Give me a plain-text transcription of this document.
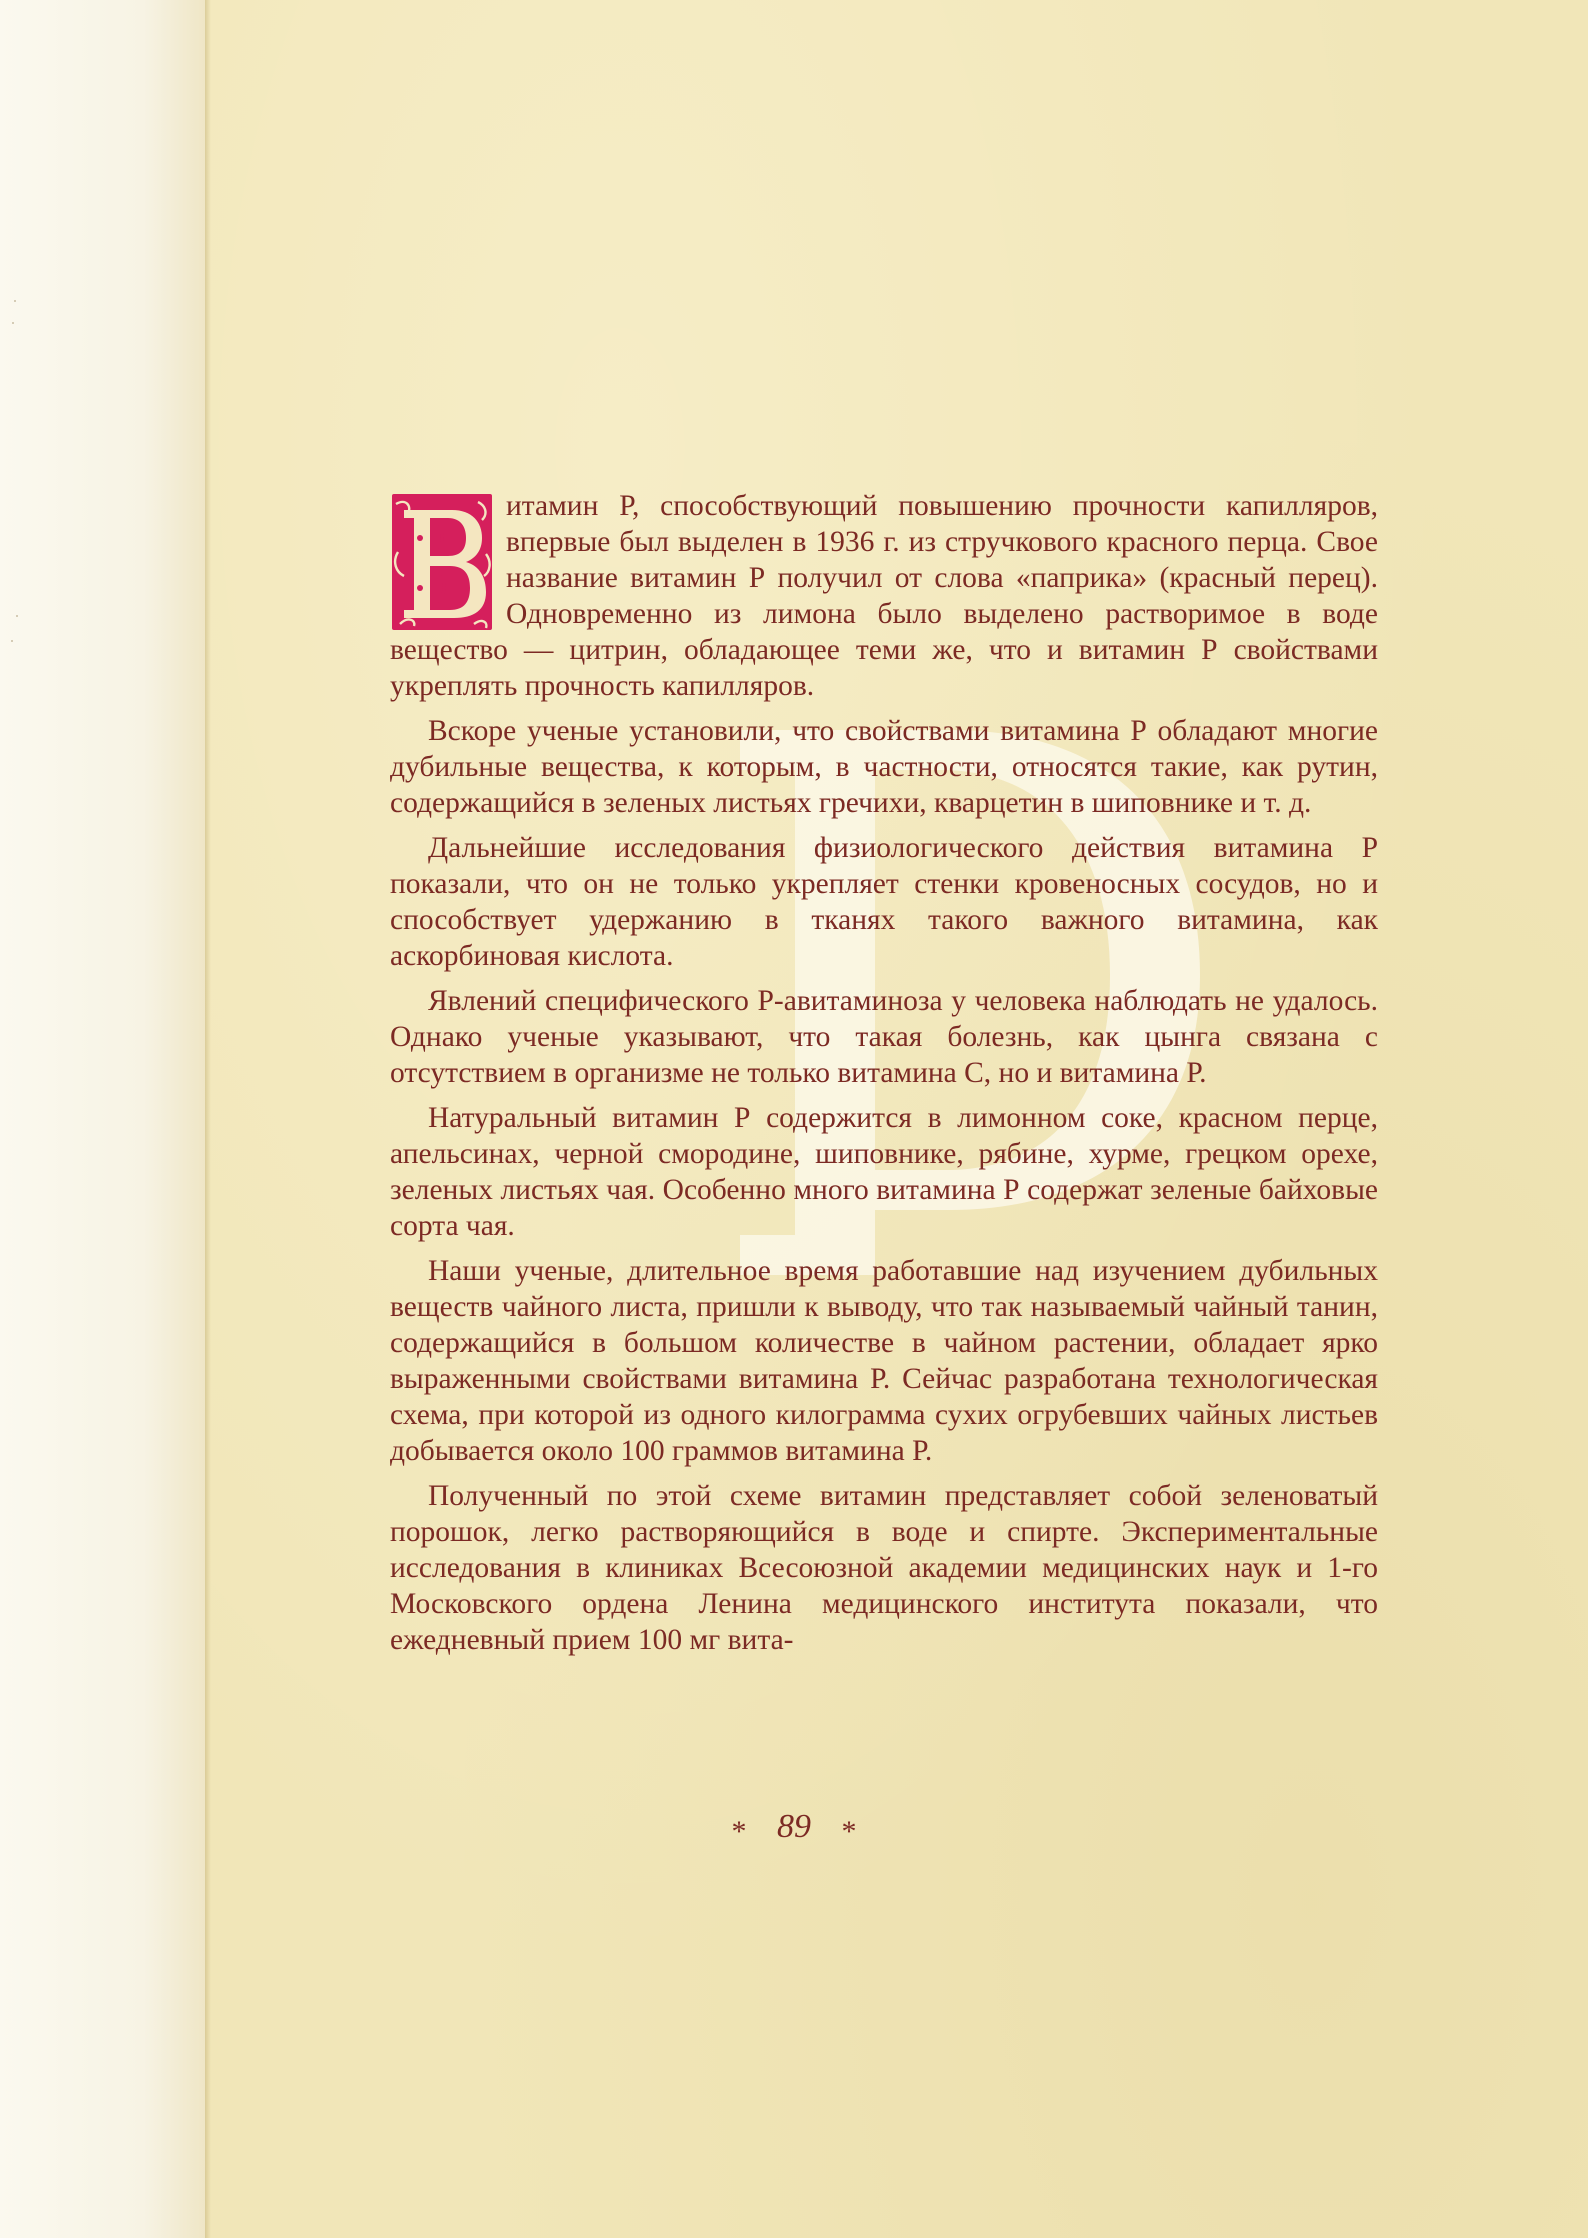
итамин Р, способствующий повышению прочности капилляров, впервые был выделен в 1936 г. из стручкового красного перца. Свое название витамин Р получил от слова «паприка» (красный перец). Одновременно из лимона было выделено растворимое в воде вещество — цитрин, обладающее теми же, что и витамин Р свойствами укреплять прочность капилляров.

Вскоре ученые установили, что свойствами витамина Р обладают многие дубильные вещества, к которым, в частности, относятся такие, как рутин, содержащийся в зеленых листьях гречихи, кварцетин в шиповнике и т. д.

Дальнейшие исследования физиологического действия витамина Р показали, что он не только укрепляет стенки кровеносных сосудов, но и способствует удержанию в тканях такого важного витамина, как аскорбиновая кислота.

Явлений специфического Р-авитаминоза у человека наблюдать не удалось. Однако ученые указывают, что такая болезнь, как цынга связана с отсутствием в организме не только витамина С, но и витамина Р.

Натуральный витамин Р содержится в лимонном соке, красном перце, апельсинах, черной смородине, шиповнике, рябине, хурме, грецком орехе, зеленых листьях чая. Особенно много витамина Р содержат зеленые байховые сорта чая.

Наши ученые, длительное время работавшие над изучением дубильных веществ чайного листа, пришли к выводу, что так называемый чайный танин, содержащийся в большом количестве в чайном растении, обладает ярко выраженными свойствами витамина Р. Сейчас разработана технологическая схема, при которой из одного килограмма сухих огрубевших чайных листьев добывается около 100 граммов витамина Р.

Полученный по этой схеме витамин представляет собой зеленоватый порошок, легко растворяющийся в воде и спирте. Экспериментальные исследования в клиниках Всесоюзной академии медицинских наук и 1-го Московского ордена Ленина медицинского института показали, что ежедневный прием 100 мг вита-

* 89 *
